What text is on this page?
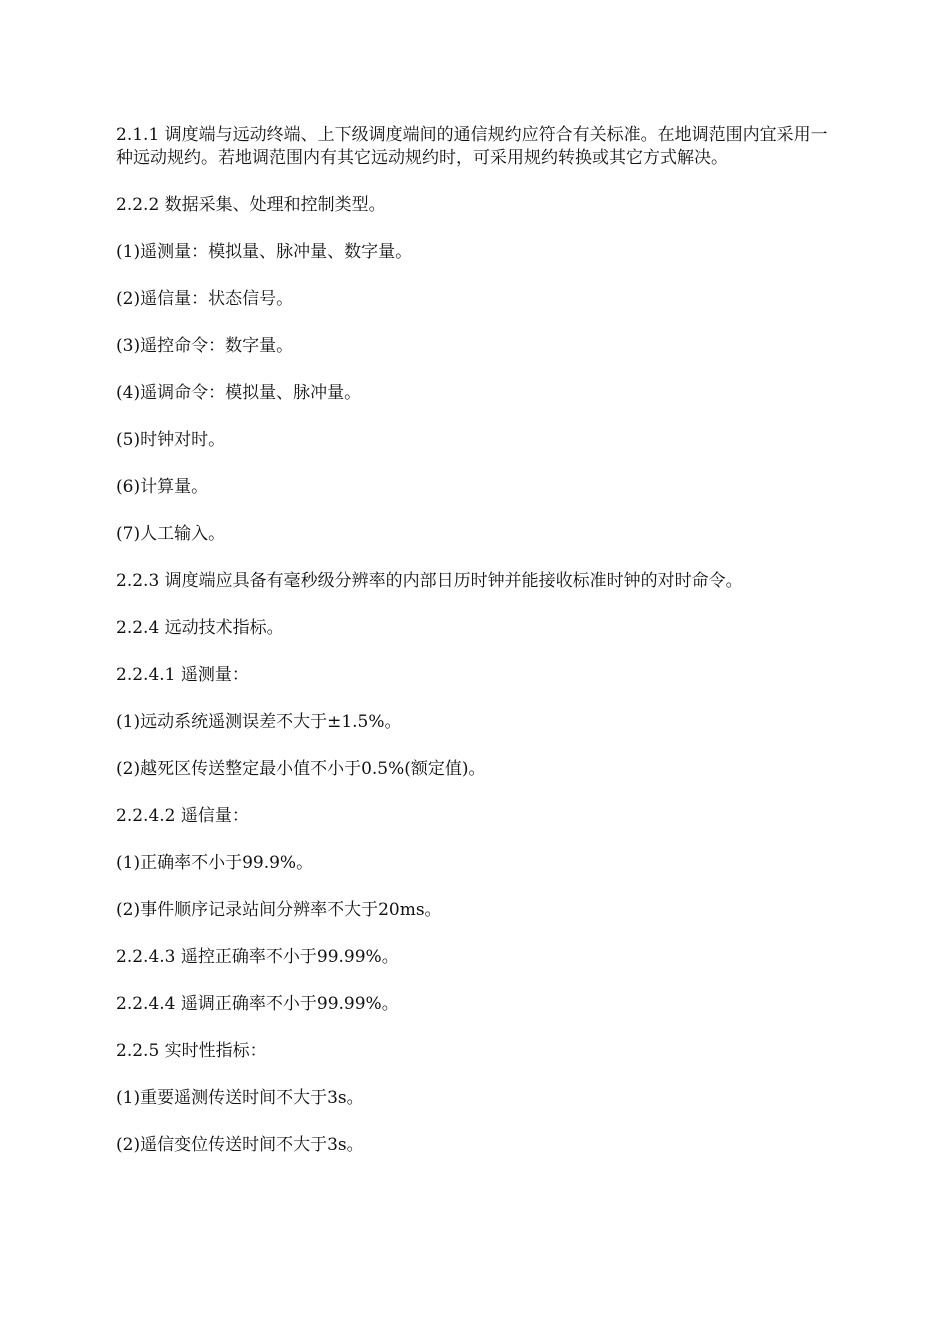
2.1.1 调度端与远动终端、上下级调度端间的通信规约应符合有关标准。在地调范围内宜采用一种远动规约。若地调范围内有其它远动规约时，可采用规约转换或其它方式解决。

2.2.2 数据采集、处理和控制类型。

(1)遥测量：模拟量、脉冲量、数字量。

(2)遥信量：状态信号。

(3)遥控命令：数字量。

(4)遥调命令：模拟量、脉冲量。

(5)时钟对时。

(6)计算量。

(7)人工输入。

2.2.3 调度端应具备有毫秒级分辨率的内部日历时钟并能接收标准时钟的对时命令。

2.2.4 远动技术指标。

2.2.4.1 遥测量：

(1)远动系统遥测误差不大于±1.5%。

(2)越死区传送整定最小值不小于0.5%(额定值)。

2.2.4.2 遥信量：

(1)正确率不小于99.9%。

(2)事件顺序记录站间分辨率不大于20ms。

2.2.4.3 遥控正确率不小于99.99%。

2.2.4.4 遥调正确率不小于99.99%。

2.2.5 实时性指标：

(1)重要遥测传送时间不大于3s。

(2)遥信变位传送时间不大于3s。
